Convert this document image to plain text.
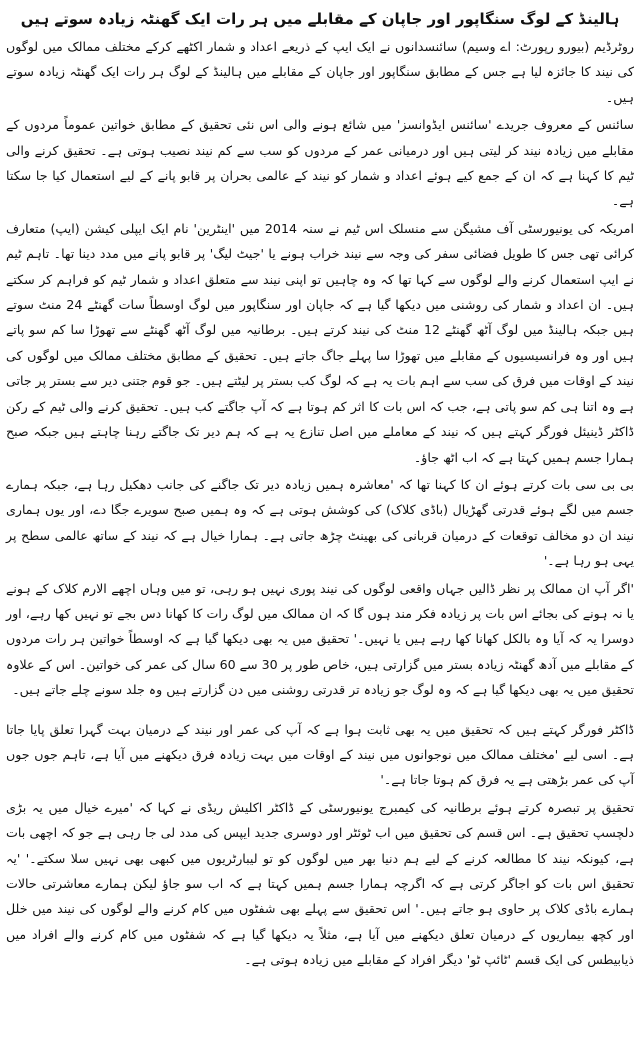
ہالینڈ کے لوگ سنگاپور اور جاپان کے مقابلے میں ہر رات ایک گھنٹہ زیادہ سوتے ہیں

روٹرڈیم (بیورو رپورٹ: اے وسیم) سائنسدانوں نے ایک ایپ کے ذریعے اعداد و شمار اکٹھے کرکے مختلف ممالک میں لوگوں کی نیند کا جائزہ لیا ہے جس کے مطابق سنگاپور اور جاپان کے مقابلے میں ہالینڈ کے لوگ ہر رات ایک گھنٹہ زیادہ سوتے ہیں۔

سائنس کے معروف جریدے 'سائنس ایڈوانسز' میں شائع ہونے والی اس نئی تحقیق کے مطابق خواتین عموماً مردوں کے مقابلے میں زیادہ نیند کر لیتی ہیں اور درمیانی عمر کے مردوں کو سب سے کم نیند نصیب ہوتی ہے۔ تحقیق کرنے والی ٹیم کا کہنا ہے کہ ان کے جمع کیے ہوئے اعداد و شمار کو نیند کے عالمی بحران پر قابو پانے کے لیے استعمال کیا جا سکتا ہے۔

امریکہ کی یونیورسٹی آف مشیگن سے منسلک اس ٹیم نے سنہ 2014 میں 'اینٹرین' نام ایک ایپلی کیشن (ایپ) متعارف کرائی تھی جس کا طویل فضائی سفر کی وجہ سے نیند خراب ہونے یا 'جیٹ لیگ' پر قابو پانے میں مدد دینا تھا۔ تاہم ٹیم نے ایپ استعمال کرنے والے لوگوں سے کہا تھا کہ وہ چاہیں تو اپنی نیند سے متعلق اعداد و شمار ٹیم کو فراہم کر سکتے ہیں۔ ان اعداد و شمار کی روشنی میں دیکھا گیا ہے کہ جاپان اور سنگاپور میں لوگ اوسطاً سات گھنٹے 24 منٹ سوتے ہیں جبکہ ہالینڈ میں لوگ آٹھ گھنٹے 12 منٹ کی نیند کرتے ہیں۔ برطانیہ میں لوگ آٹھ گھنٹے سے تھوڑا سا کم سو پاتے ہیں اور وہ فرانسیسیوں کے مقابلے میں تھوڑا سا پہلے جاگ جاتے ہیں۔ تحقیق کے مطابق مختلف ممالک میں لوگوں کی نیند کے اوقات میں فرق کی سب سے اہم بات یہ ہے کہ لوگ کب بستر پر لیٹتے ہیں۔ جو قوم جتنی دیر سے بستر پر جاتی ہے وہ اتنا ہی کم سو پاتی ہے، جب کہ اس بات کا اثر کم ہوتا ہے کہ آپ جاگتے کب ہیں۔ تحقیق کرنے والی ٹیم کے رکن ڈاکٹر ڈینیئل فورگر کہتے ہیں کہ نیند کے معاملے میں اصل تنازع یہ ہے کہ ہم دیر تک جاگتے رہنا چاہتے ہیں جبکہ صبح ہمارا جسم ہمیں کہتا ہے کہ اب اٹھ جاؤ۔

بی بی سی بات کرتے ہوئے ان کا کہنا تھا کہ 'معاشرہ ہمیں زیادہ دیر تک جاگنے کی جانب دھکیل رہا ہے، جبکہ ہمارے جسم میں لگے ہوئے قدرتی گھڑیال (باڈی کلاک) کی کوشش ہوتی ہے کہ وہ ہمیں صبح سویرے جگا دے، اور یوں ہماری نیند ان دو مخالف توقعات کے درمیان قربانی کی بھینٹ چڑھ جاتی ہے۔ ہمارا خیال ہے کہ نیند کے ساتھ عالمی سطح پر یہی ہو رہا ہے۔'

'اگر آپ ان ممالک پر نظر ڈالیں جہاں واقعی لوگوں کی نیند پوری نہیں ہو رہی، تو میں وہاں اچھے الارم کلاک کے ہونے یا نہ ہونے کی بجائے اس بات پر زیادہ فکر مند ہوں گا کہ ان ممالک میں لوگ رات کا کھانا دس بجے تو نہیں کھا رہے، اور دوسرا یہ کہ آیا وہ بالکل کھانا کھا رہے ہیں یا نہیں۔' تحقیق میں یہ بھی دیکھا گیا ہے کہ اوسطاً خواتین ہر رات مردوں کے مقابلے میں آدھ گھنٹہ زیادہ بستر میں گزارتی ہیں، خاص طور پر 30 سے 60 سال کی عمر کی خواتین۔ اس کے علاوہ تحقیق میں یہ بھی دیکھا گیا ہے کہ وہ لوگ جو زیادہ تر قدرتی روشنی میں دن گزارتے ہیں وہ جلد سونے چلے جاتے ہیں۔

ڈاکٹر فورگر کہتے ہیں کہ تحقیق میں یہ بھی ثابت ہوا ہے کہ آپ کی عمر اور نیند کے درمیان بہت گہرا تعلق پایا جاتا ہے۔ اسی لیے 'مختلف ممالک میں نوجوانوں میں نیند کے اوقات میں بہت زیادہ فرق دیکھنے میں آیا ہے، تاہم جوں جوں آپ کی عمر بڑھتی ہے یہ فرق کم ہوتا جاتا ہے۔'

تحقیق پر تبصرہ کرتے ہوئے برطانیہ کی کیمبرج یونیورسٹی کے ڈاکٹر اکلیش ریڈی نے کہا کہ 'میرے خیال میں یہ بڑی دلچسپ تحقیق ہے۔ اس قسم کی تحقیق میں اب ٹوئٹر اور دوسری جدید ایپس کی مدد لی جا رہی ہے جو کہ اچھی بات ہے، کیونکہ نیند کا مطالعہ کرنے کے لیے ہم دنیا بھر میں لوگوں کو تو لیبارٹریوں میں کبھی بھی نہیں سلا سکتے۔' 'یہ تحقیق اس بات کو اجاگر کرتی ہے کہ اگرچہ ہمارا جسم ہمیں کہتا ہے کہ اب سو جاؤ لیکن ہمارے معاشرتی حالات ہمارے باڈی کلاک پر حاوی ہو جاتے ہیں۔' اس تحقیق سے پہلے بھی شفٹوں میں کام کرنے والے لوگوں کی نیند میں خلل اور کچھ بیماریوں کے درمیان تعلق دیکھنے میں آیا ہے، مثلاً یہ دیکھا گیا ہے کہ شفٹوں میں کام کرنے والے افراد میں ذیابیطس کی ایک قسم 'ٹائپ ٹو' دیگر افراد کے مقابلے میں زیادہ ہوتی ہے۔
